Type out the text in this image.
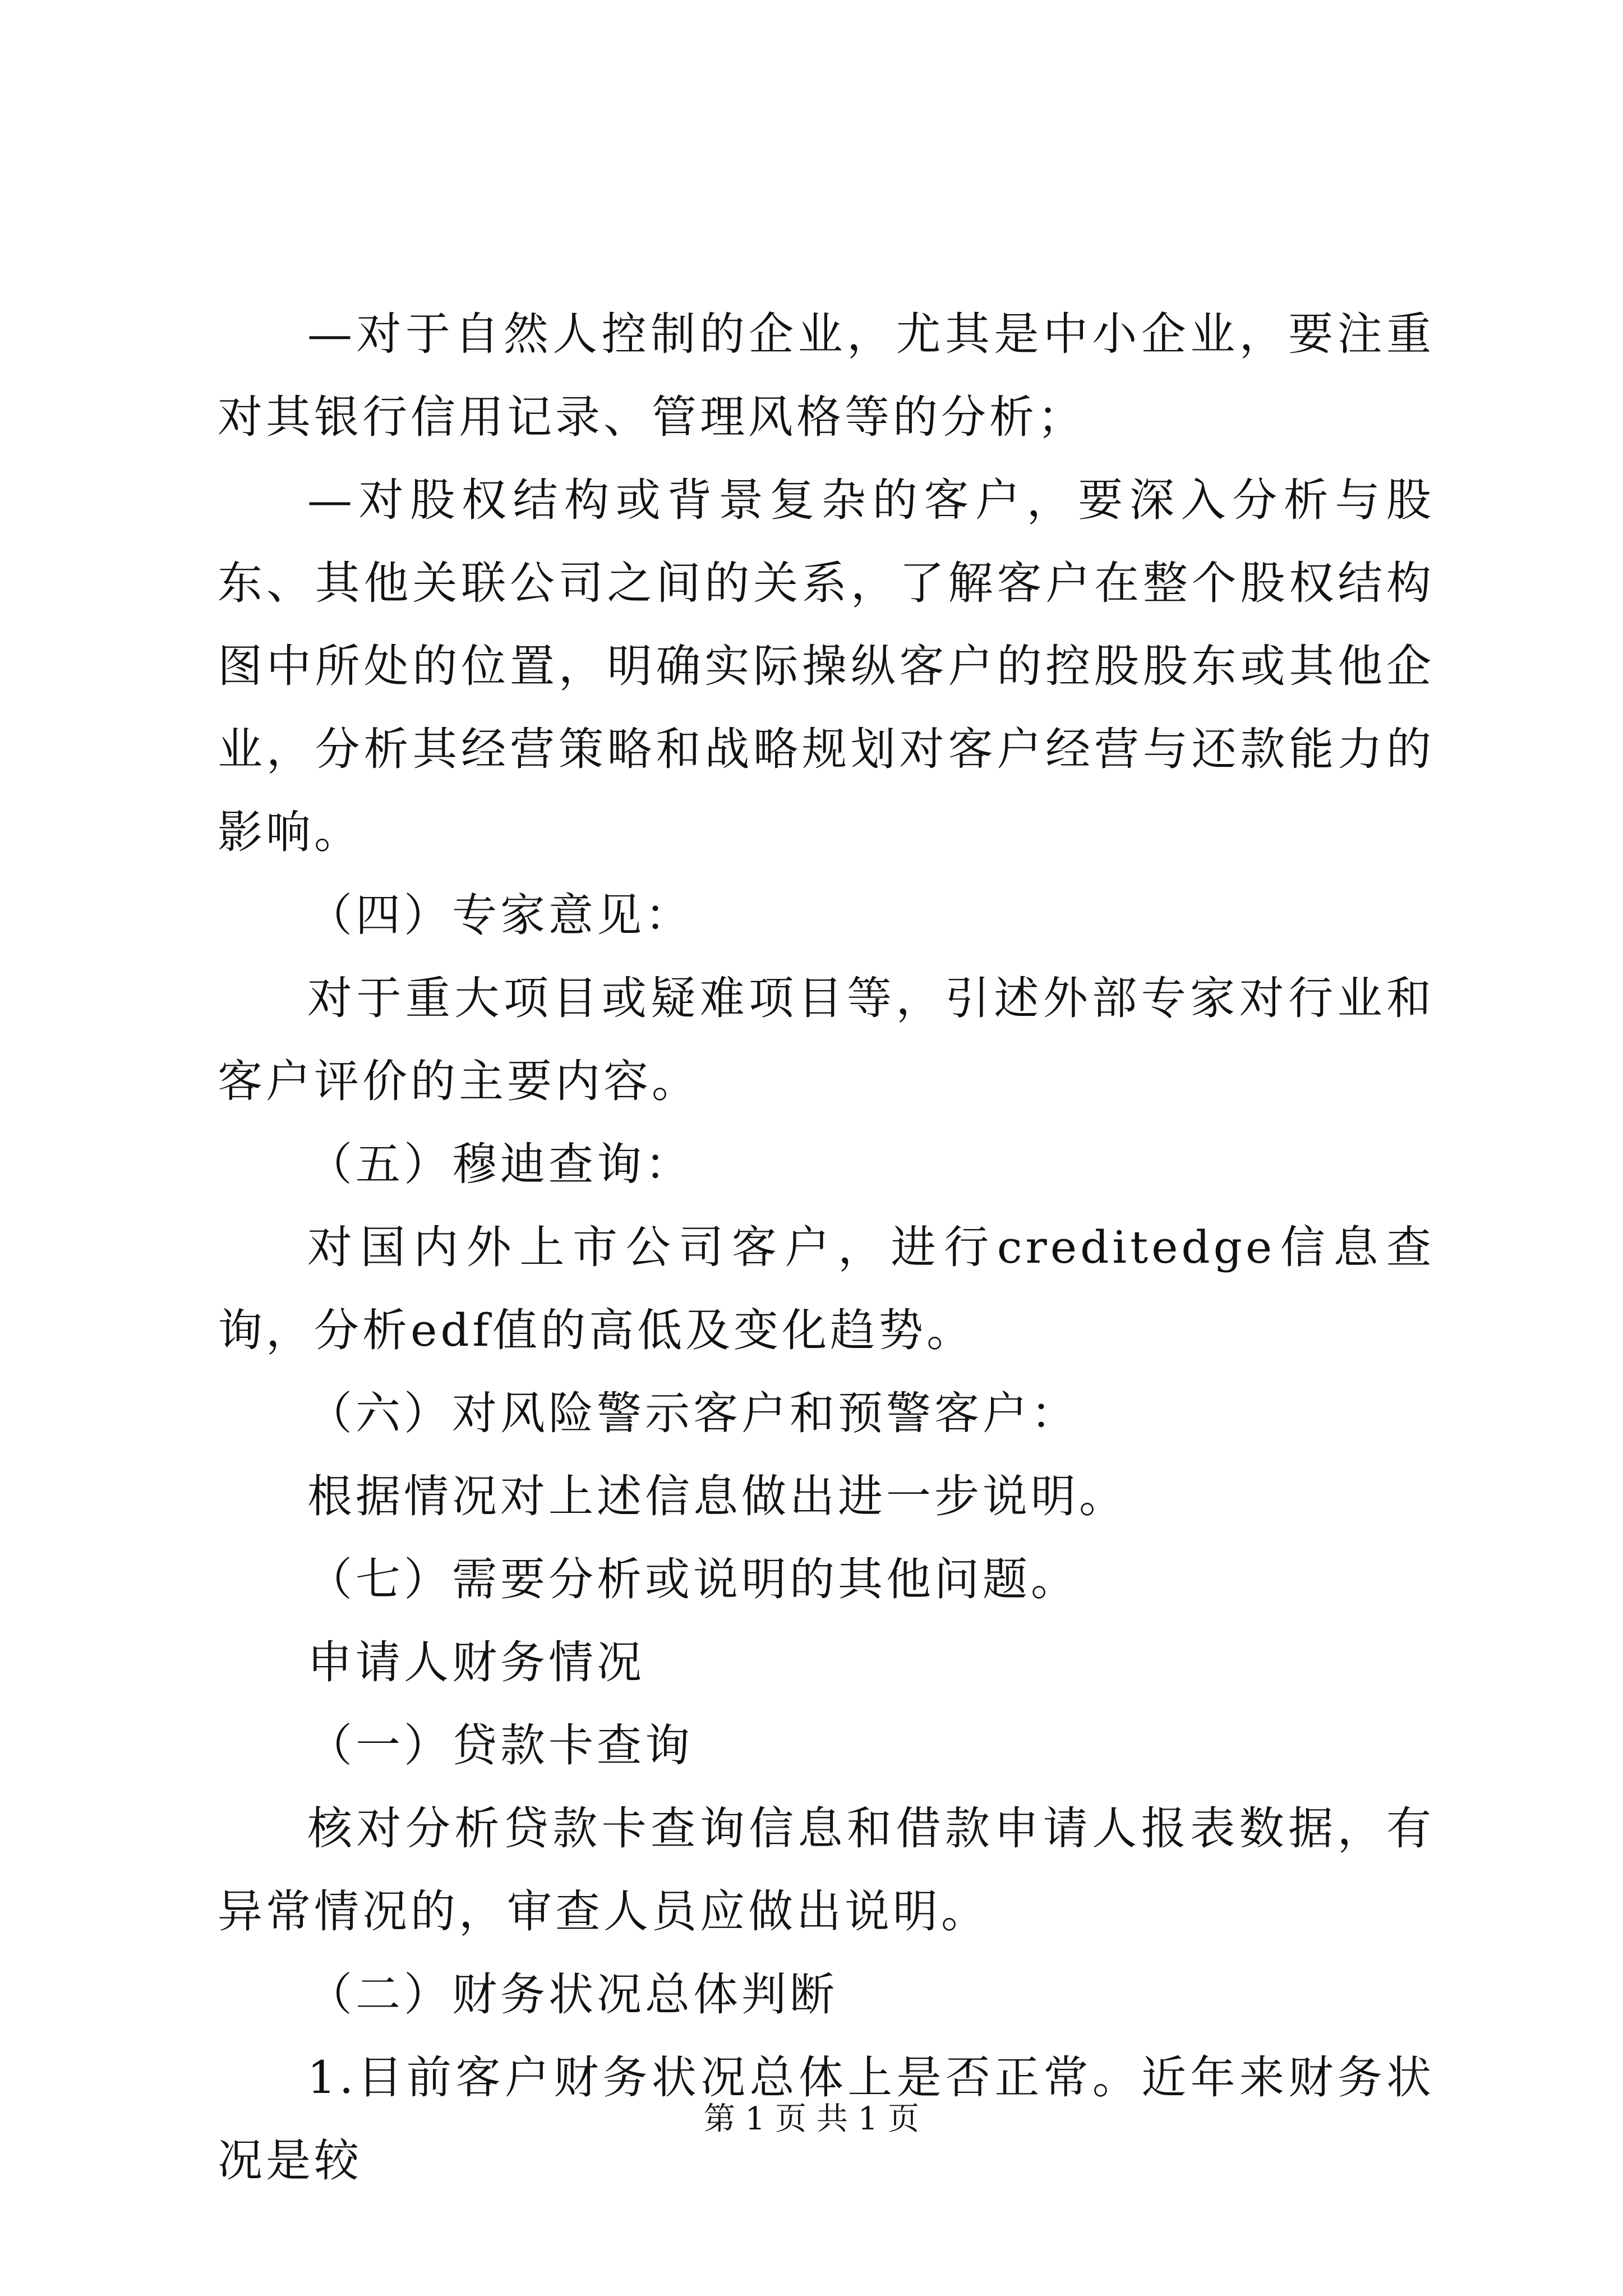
—对于自然人控制的企业，尤其是中小企业，要注重对其银行信用记录、管理风格等的分析；

—对股权结构或背景复杂的客户，要深入分析与股东、其他关联公司之间的关系，了解客户在整个股权结构图中所处的位置，明确实际操纵客户的控股股东或其他企业，分析其经营策略和战略规划对客户经营与还款能力的影响。

（四）专家意见：

对于重大项目或疑难项目等，引述外部专家对行业和客户评价的主要内容。

（五）穆迪查询：

对国内外上市公司客户，进行creditedge信息查询，分析edf值的高低及变化趋势。

（六）对风险警示客户和预警客户：

根据情况对上述信息做出进一步说明。

（七）需要分析或说明的其他问题。

申请人财务情况

（一）贷款卡查询

核对分析贷款卡查询信息和借款申请人报表数据，有异常情况的，审查人员应做出说明。

（二）财务状况总体判断

1.目前客户财务状况总体上是否正常。近年来财务状况是较

第 1 页 共 1 页
